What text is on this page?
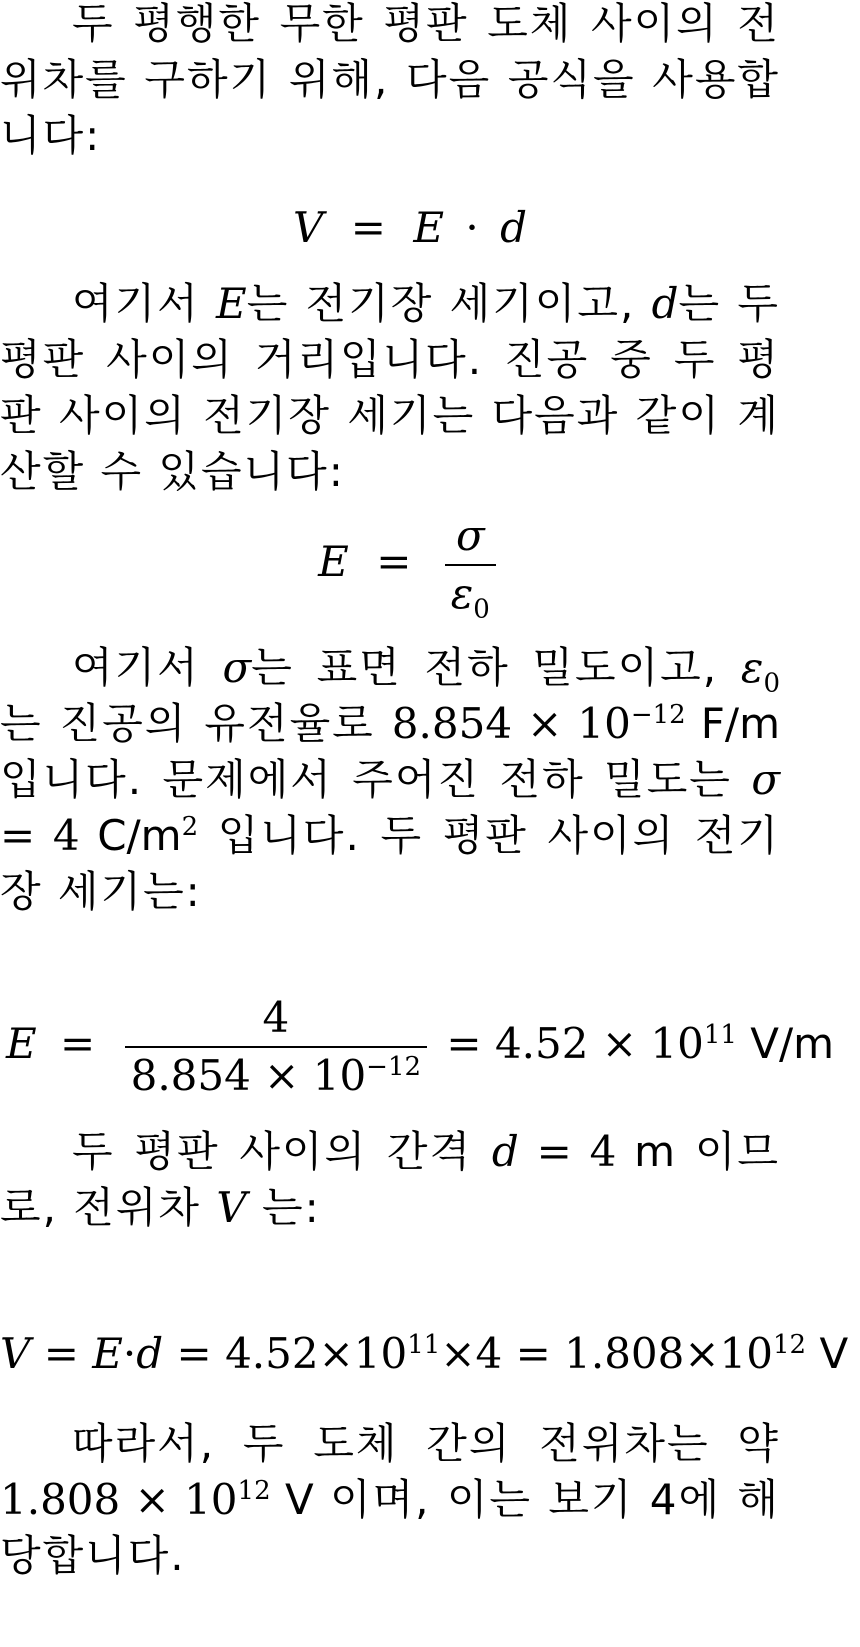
두 평행한 무한 평판 도체 사이의 전위차를 구하기 위해, 다음 공식을 사용합니다:

V = E · d

여기서 E는 전기장 세기이고, d는 두 평판 사이의 거리입니다. 진공 중 두 평판 사이의 전기장 세기는 다음과 같이 계산할 수 있습니다:

$E = \frac{\sigma}{\varepsilon_0}$

여기서 σ는 표면 전하 밀도이고, $\varepsilon_0$는 진공의 유전율로 $8.854 \times 10^{-12}$ F/m 입니다. 문제에서 주어진 전하 밀도는 σ = 4 $C/m^2$ 입니다. 두 평판 사이의 전기장 세기는:

$E = \frac{4}{8.854 \times 10^{-12}} = 4.52 \times 10^{11}$ V/m

두 평판 사이의 간격 d = 4 m 이므로, 전위차 V 는:

$V = E\cdot d = 4.52\times 10^{11}\times 4 = 1.808\times 10^{12}$ V

따라서, 두 도체 간의 전위차는 약 $1.808 \times 10^{12}$ V 이며, 이는 보기 4에 해당합니다.
